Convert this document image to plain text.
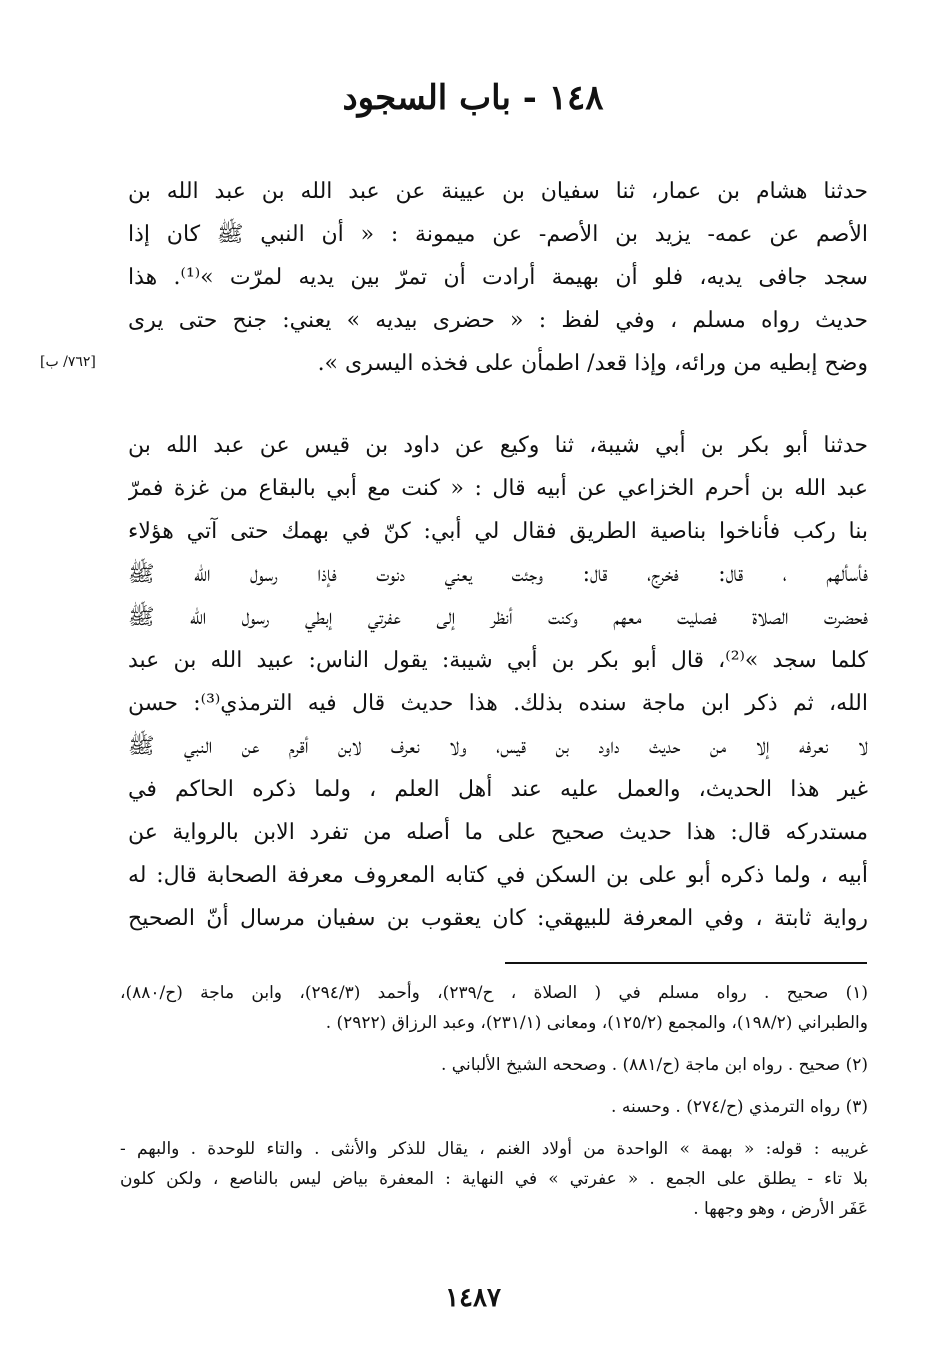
١٤٨ - باب السجود
[٧٦٢/ ب]
حدثنا هشام بن عمار، ثنا سفيان بن عيينة عن عبد الله بن عبد الله بن
الأصم عن عمه- يزيد بن الأصم- عن ميمونة : « أن النبي ﷺ كان إذا
سجد جافى يديه، فلو أن بهيمة أرادت أن تمرّ بين يديه لمرّت »⁽¹⁾. هذا
حديث رواه مسلم ، وفي لفظ : « حضرى بيديه » يعني: جنح حتى يرى
وضح إبطيه من ورائه، وإذا قعد/ اطمأن على فخذه اليسرى ».
حدثنا أبو بكر بن أبي شيبة، ثنا وكيع عن داود بن قيس عن عبد الله بن
عبد الله بن أحرم الخزاعي عن أبيه قال : « كنت مع أبي بالبقاع من غزة فمرّ
بنا ركب فأناخوا بناصية الطريق فقال لي أبي: كنّ في بهمك حتى آتي هؤلاء
فأسألهم ، قال: فخرج، قال: وجئت يعني دنوت فإذا رسول الله ﷺ
فحضرت الصلاة فصليت معهم وكنت أنظر إلى عفرتي إبطي رسول الله ﷺ
كلما سجد »⁽²⁾، قال أبو بكر بن أبي شيبة: يقول الناس: عبيد الله بن عبد
الله، ثم ذكر ابن ماجة سنده بذلك. هذا حديث قال فيه الترمذي⁽³⁾: حسن
لا نعرفه إلا من حديث داود بن قيس، ولا نعرف لابن أقرم عن النبي ﷺ
غير هذا الحديث، والعمل عليه عند أهل العلم ، ولما ذكره الحاكم في
مستدركه قال: هذا حديث صحيح على ما أصله من تفرد الابن بالرواية عن
أبيه ، ولما ذكره أبو على بن السكن في كتابه المعروف معرفة الصحابة قال: له
رواية ثابتة ، وفي المعرفة للبيهقي: كان يعقوب بن سفيان مرسال أنّ الصحيح
(١) صحيح . رواه مسلم في ( الصلاة ، ح/٢٣٩)، وأحمد (٢٩٤/٣)، وابن ماجة (ح/٨٨٠)،
والطبراني (١٩٨/٢)، والمجمع (١٢٥/٢)، ومعانى (٢٣١/١)، وعبد الرزاق (٢٩٢٢) .
(٢) صحيح . رواه ابن ماجة (ح/٨٨١) . وصححه الشيخ الألباني .
(٣) رواه الترمذي (ح/٢٧٤) . وحسنه .
غريبه : قوله: « بهمة » الواحدة من أولاد الغنم ، يقال للذكر والأنثى . والتاء للوحدة . والبهم -
بلا تاء - يطلق على الجمع . « عفرتي » في النهاية : المعفرة بياض ليس بالناصع ، ولكن كلون
عَفَر الأرض ، وهو وجهها .
١٤٨٧
